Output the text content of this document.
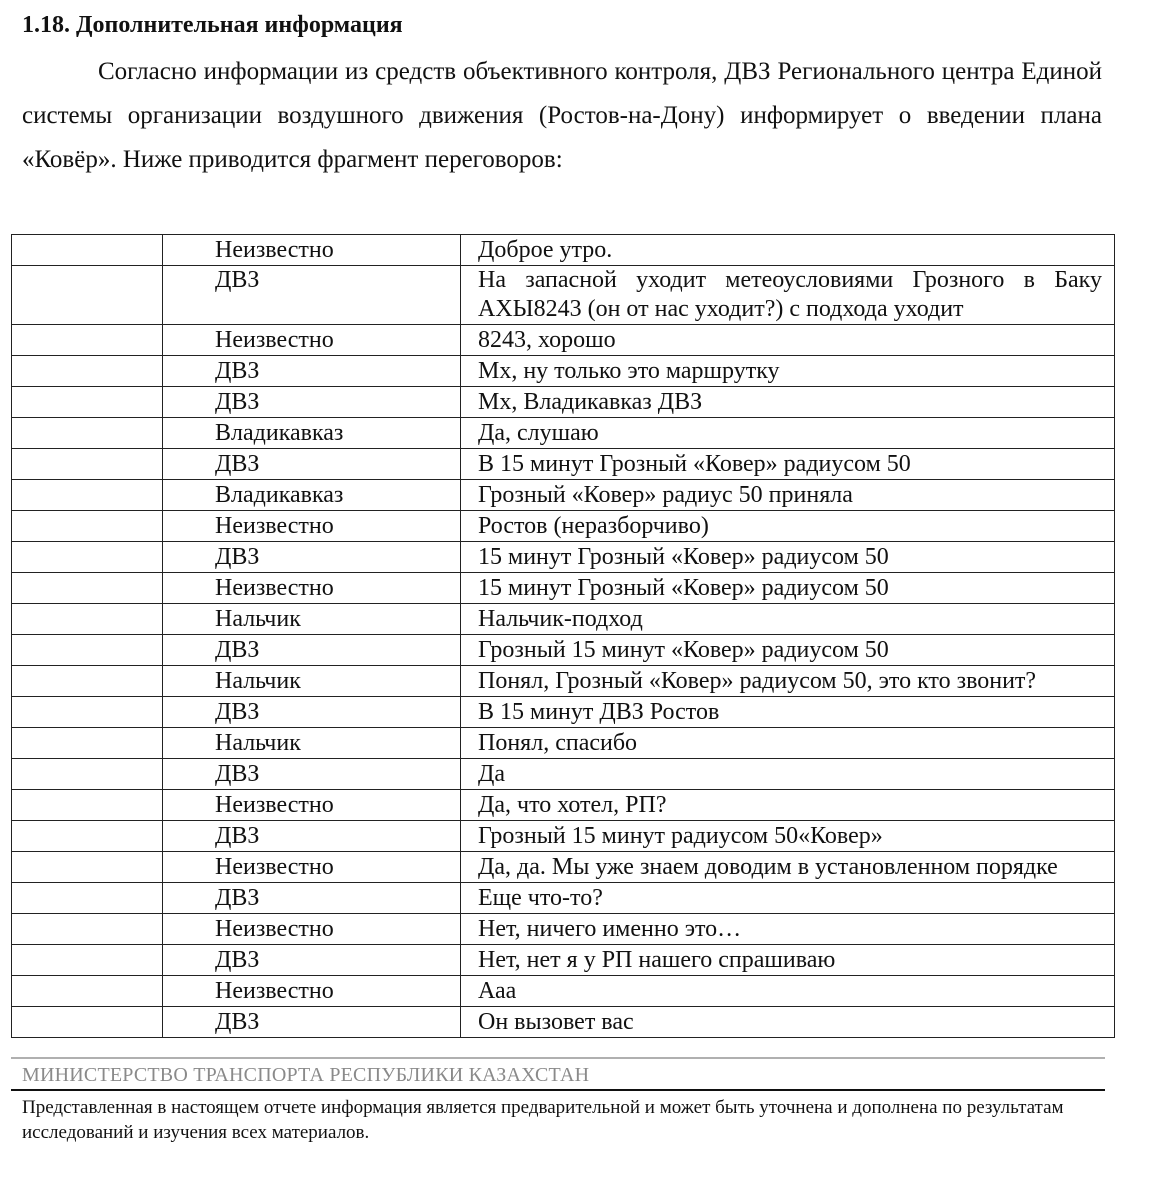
1.18. Дополнительная информация

Согласно информации из средств объективного контроля, ДВЗ Регионального центра Единой системы организации воздушного движения (Ростов-на-Дону) информирует о введении плана «Ковёр». Ниже приводится фрагмент переговоров:

	Неизвестно	Доброе утро.
	ДВЗ	На запасной уходит метеоусловиями Грозного в Баку АХЫ8243 (он от нас уходит?) с подхода уходит
	Неизвестно	8243, хорошо
	ДВЗ	Мх, ну только это маршрутку
	ДВЗ	Мх, Владикавказ ДВЗ
	Владикавказ	Да, слушаю
	ДВЗ	В 15 минут Грозный «Ковер» радиусом 50
	Владикавказ	Грозный «Ковер» радиус 50 приняла
	Неизвестно	Ростов (неразборчиво)
	ДВЗ	15 минут Грозный «Ковер» радиусом 50
	Неизвестно	15 минут Грозный «Ковер» радиусом 50
	Нальчик	Нальчик-подход
	ДВЗ	Грозный 15 минут «Ковер» радиусом 50
	Нальчик	Понял, Грозный «Ковер» радиусом 50, это кто звонит?
	ДВЗ	В 15 минут ДВЗ Ростов
	Нальчик	Понял, спасибо
	ДВЗ	Да
	Неизвестно	Да, что хотел, РП?
	ДВЗ	Грозный 15 минут радиусом 50«Ковер»
	Неизвестно	Да, да. Мы уже знаем доводим в установленном порядке
	ДВЗ	Еще что-то?
	Неизвестно	Нет, ничего именно это…
	ДВЗ	Нет, нет я у РП нашего спрашиваю
	Неизвестно	Ааа
	ДВЗ	Он вызовет вас

МИНИСТЕРСТВО ТРАНСПОРТА РЕСПУБЛИКИ КАЗАХСТАН

Представленная в настоящем отчете информация является предварительной и может быть уточнена и дополнена по результатам исследований и изучения всех материалов.
